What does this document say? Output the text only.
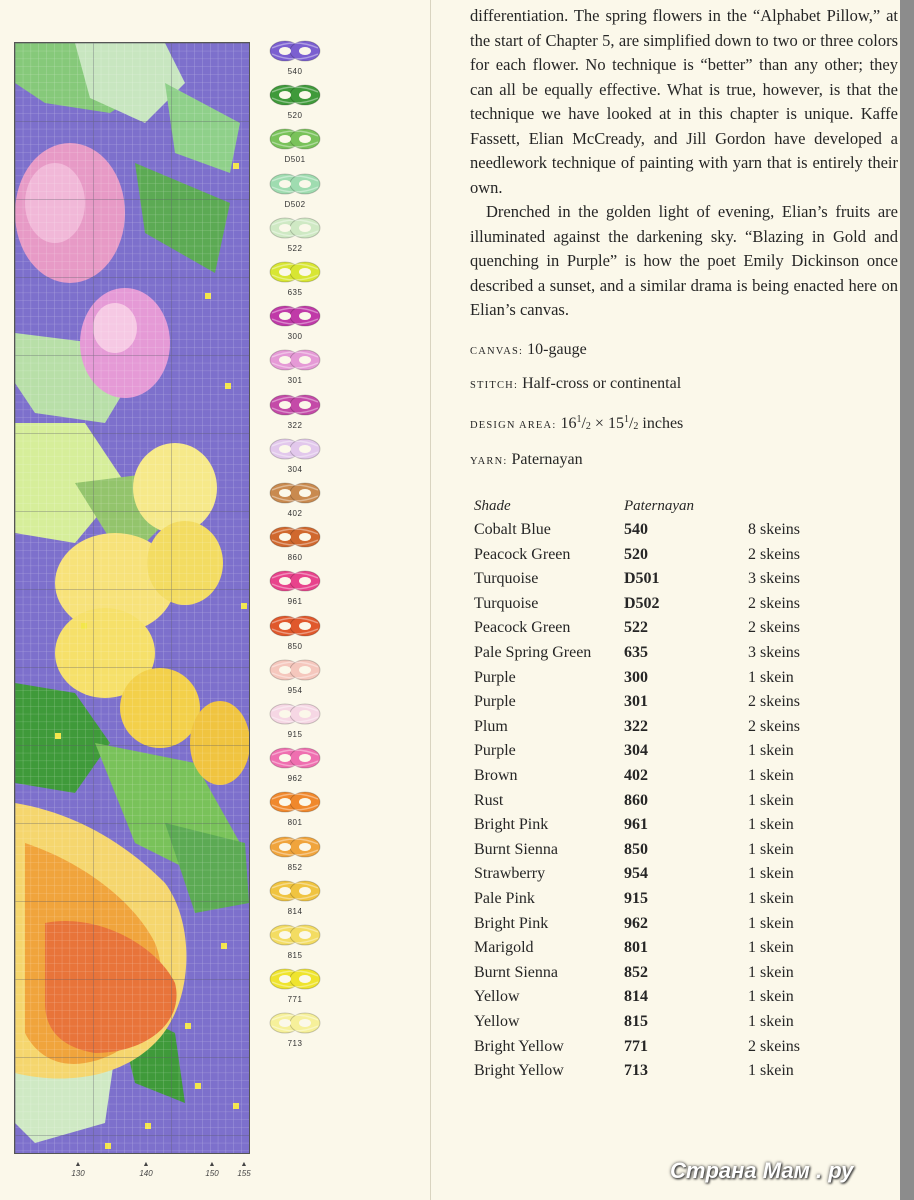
▲
130
▲
140
▲
150
▲
155
540
520
D501
D502
522
635
300
301
322
304
402
860
961
850
954
915
962
801
852
814
815
771
713

differentiation. The spring flowers in the “Alphabet Pillow,” at the start of Chapter 5, are simplified down to two or three colors for each flower. No technique is “better” than any other; they can all be equally effective. What is true, however, is that the technique we have looked at in this chapter is unique. Kaffe Fassett, Elian McCready, and Jill Gordon have developed a needlework technique of painting with yarn that is entirely their own.

Drenched in the golden light of evening, Elian’s fruits are illuminated against the darkening sky. “Blazing in Gold and quenching in Purple” is how the poet Emily Dickinson once described a sunset, and a similar drama is being enacted here on Elian’s canvas.

CANVAS: 10-gauge
STITCH: Half-cross or continental
DESIGN AREA: $16^1/_2 \times 15^1/_2$ inches
YARN: Paternayan
Shade	Paternayan
Cobalt Blue	540	8 skeins
Peacock Green	520	2 skeins
Turquoise	D501	3 skeins
Turquoise	D502	2 skeins
Peacock Green	522	2 skeins
Pale Spring Green 635	3 skeins
Purple	300	1 skein
Purple	301	2 skeins
Plum	322	2 skeins
Purple	304	1 skein
Brown	402	1 skein
Rust	860	1 skein
Bright Pink	961	1 skein
Burnt Sienna	850	1 skein
Strawberry	954	1 skein
Pale Pink	915	1 skein
Bright Pink	962	1 skein
Marigold	801	1 skein
Burnt Sienna	852	1 skein
Yellow	814	1 skein
Yellow	815	1 skein
Bright Yellow	771	2 skeins
Bright Yellow	713	1 skein
Страна Мам . ру
